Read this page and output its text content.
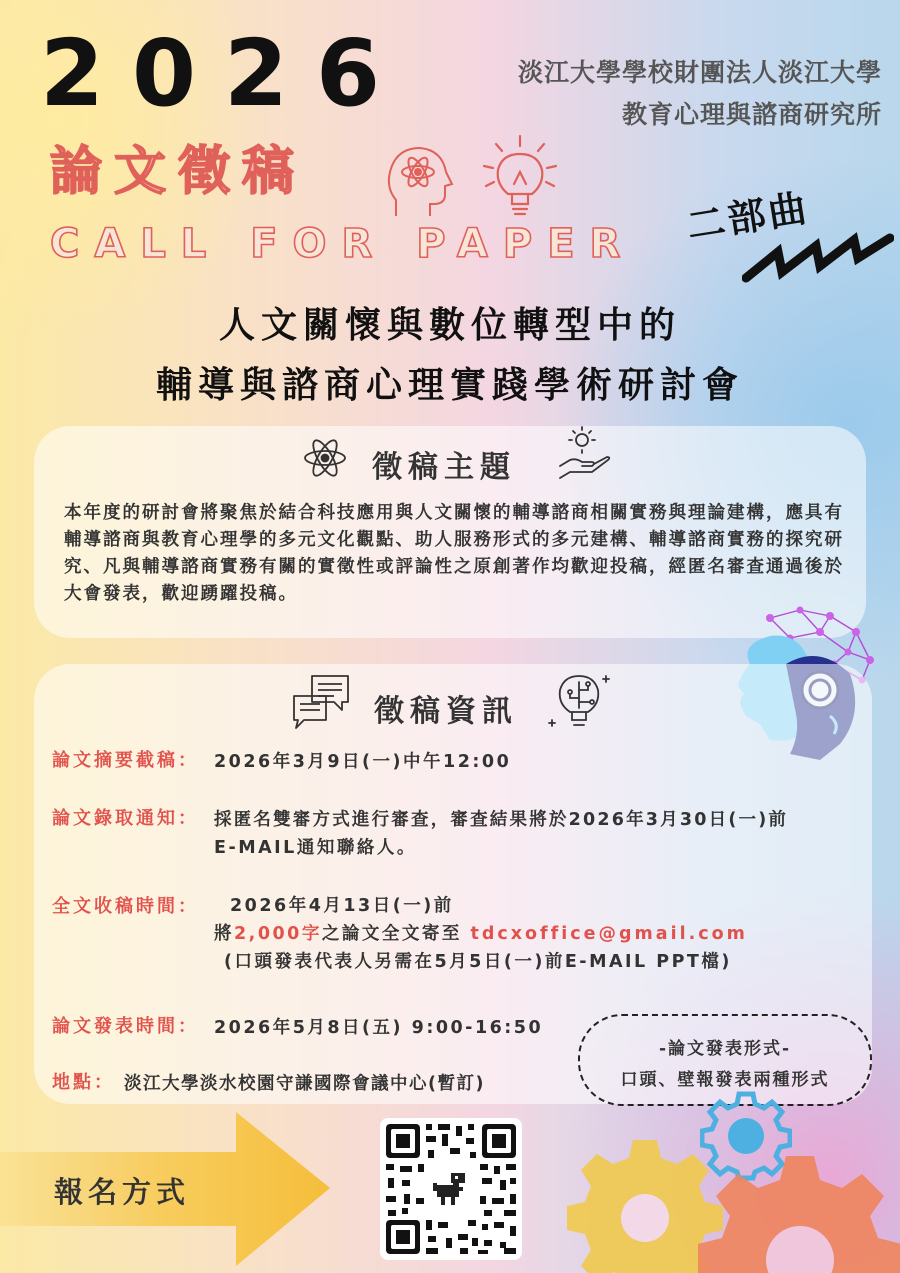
2026	淡江大學學校財團法人淡江大學
教育心理與諮商研究所
論文徵稿
CALL FOR PAPER 二部曲
人文關懷與數位轉型中的
輔導與諮商心理實踐學術研討會
徵稿主題
本年度的研討會將聚焦於結合科技應用與人文關懷的輔導諮商相關實務與理論建構，應具有輔導諮商與教育心理學的多元文化觀點、助人服務形式的多元建構、輔導諮商實務的探究研究、凡與輔導諮商實務有關的實徵性或評論性之原創著作均歡迎投稿，經匿名審查通過後於大會發表，歡迎踴躍投稿。
徵稿資訊
論文摘要截稿： 2026年3月9日(一)中午12:00
論文錄取通知： 採匿名雙審方式進行審查，審查結果將於2026年3月30日(一)前
E-MAIL通知聯絡人。
全文收稿時間： 2026年4月13日(一)前
將2,000字之論文全文寄至 tdcxoffice@gmail.com
(口頭發表代表人另需在5月5日(一)前E-MAIL PPT檔)
論文發表時間： 2026年5月8日(五) 9:00-16:50
地點： 淡江大學淡水校園守謙國際會議中心(暫訂)
-論文發表形式-
口頭、壁報發表兩種形式
報名方式
